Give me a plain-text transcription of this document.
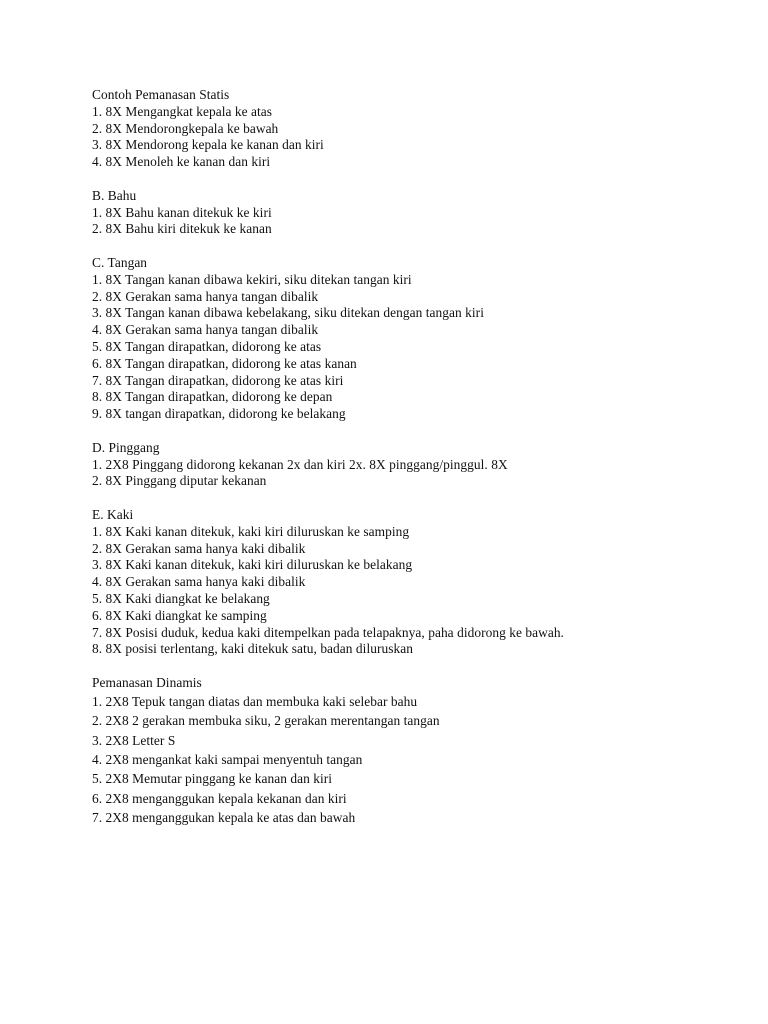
Contoh Pemanasan Statis
1. 8X Mengangkat kepala ke atas
2. 8X Mendorongkepala ke bawah
3. 8X Mendorong kepala ke kanan dan kiri
4. 8X Menoleh ke kanan dan kiri
B. Bahu
1. 8X Bahu kanan ditekuk ke kiri
2. 8X Bahu kiri ditekuk ke kanan
C. Tangan
1. 8X Tangan kanan dibawa kekiri, siku ditekan tangan kiri
2. 8X Gerakan sama hanya tangan dibalik
3. 8X Tangan kanan dibawa kebelakang, siku ditekan dengan tangan kiri
4. 8X Gerakan sama hanya tangan dibalik
5. 8X Tangan dirapatkan, didorong ke atas
6. 8X Tangan dirapatkan, didorong ke atas kanan
7. 8X Tangan dirapatkan, didorong ke atas kiri
8. 8X Tangan dirapatkan, didorong ke depan
9. 8X tangan dirapatkan, didorong ke belakang
D. Pinggang
1. 2X8 Pinggang didorong kekanan 2x dan kiri 2x. 8X pinggang/pinggul. 8X
2. 8X Pinggang diputar kekanan
E. Kaki
1. 8X Kaki kanan ditekuk, kaki kiri diluruskan ke samping
2. 8X Gerakan sama hanya kaki dibalik
3. 8X Kaki kanan ditekuk, kaki kiri diluruskan ke belakang
4. 8X Gerakan sama hanya kaki dibalik
5. 8X Kaki diangkat ke belakang
6. 8X Kaki diangkat ke samping
7. 8X Posisi duduk, kedua kaki ditempelkan pada telapaknya, paha didorong ke bawah.
8. 8X posisi terlentang, kaki ditekuk satu, badan diluruskan
Pemanasan Dinamis
1. 2X8 Tepuk tangan diatas dan membuka kaki selebar bahu
2. 2X8 2 gerakan membuka siku, 2 gerakan merentangan tangan
3. 2X8 Letter S
4. 2X8 mengankat kaki sampai menyentuh tangan
5. 2X8 Memutar pinggang ke kanan dan kiri
6. 2X8 menganggukan kepala kekanan dan kiri
7. 2X8 menganggukan kepala ke atas dan bawah
